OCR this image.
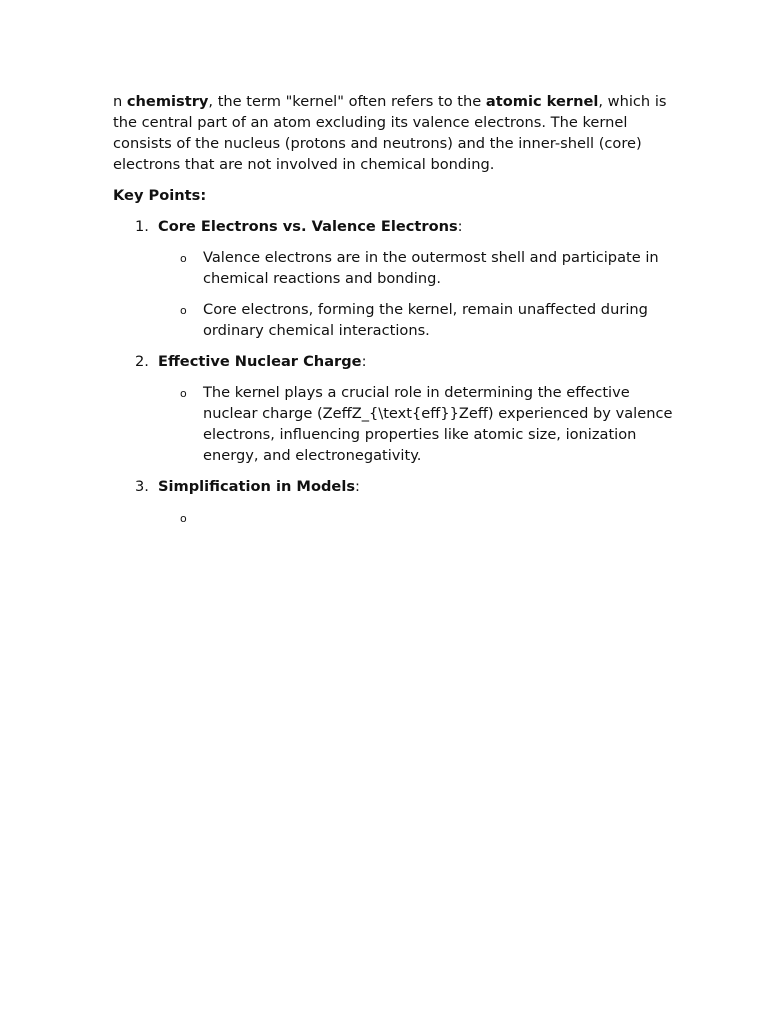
n chemistry, the term "kernel" often refers to the atomic kernel, which is the central part of an atom excluding its valence electrons. The kernel consists of the nucleus (protons and neutrons) and the inner-shell (core) electrons that are not involved in chemical bonding.

Key Points:

1. Core Electrons vs. Valence Electrons:
o Valence electrons are in the outermost shell and participate in chemical reactions and bonding.
o Core electrons, forming the kernel, remain unaffected during ordinary chemical interactions.
2. Effective Nuclear Charge:
o The kernel plays a crucial role in determining the effective nuclear charge (ZeffZ_{\text{eff}}Zeff) experienced by valence electrons, influencing properties like atomic size, ionization energy, and electronegativity.
3. Simplification in Models:
o
